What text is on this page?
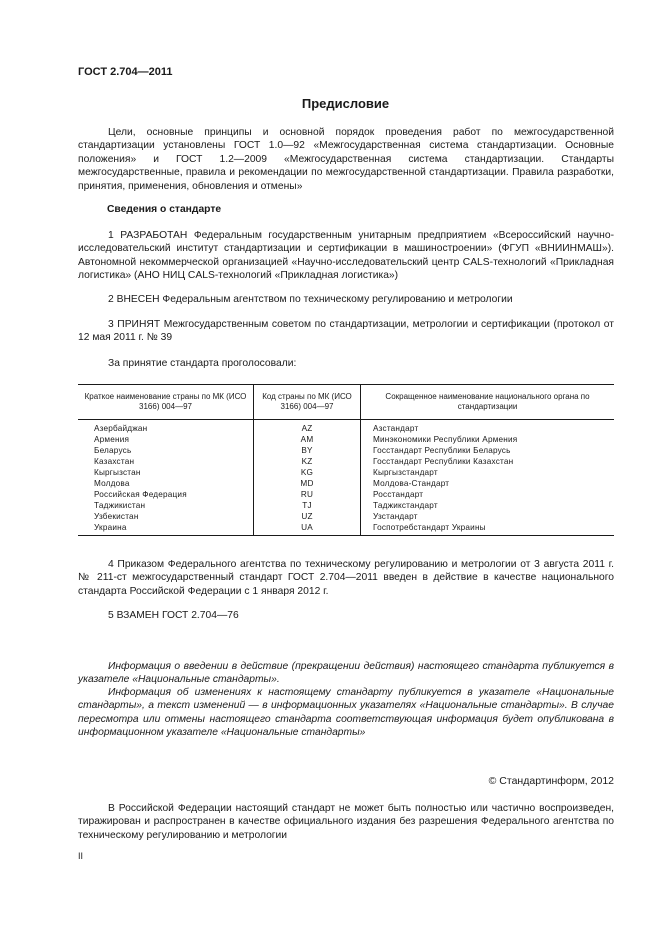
ГОСТ 2.704—2011
Предисловие
Цели, основные принципы и основной порядок проведения работ по межгосударственной стандартизации установлены ГОСТ 1.0—92 «Межгосударственная система стандартизации. Основные положения» и ГОСТ 1.2—2009 «Межгосударственная система стандартизации. Стандарты межгосударственные, правила и рекомендации по межгосударственной стандартизации. Правила разработки, принятия, применения, обновления и отмены»
Сведения о стандарте
1 РАЗРАБОТАН Федеральным государственным унитарным предприятием «Всероссийский научно-исследовательский институт стандартизации и сертификации в машиностроении» (ФГУП «ВНИИНМАШ»). Автономной некоммерческой организацией «Научно-исследовательский центр CALS-технологий «Прикладная логистика» (АНО НИЦ CALS-технологий «Прикладная логистика»)
2 ВНЕСЕН Федеральным агентством по техническому регулированию и метрологии
3 ПРИНЯТ Межгосударственным советом по стандартизации, метрологии и сертификации (протокол от 12 мая 2011 г. № 39
За принятие стандарта проголосовали:
Краткое наименование страны по МК (ИСО 3166) 004—97	Код страны по МК (ИСО 3166) 004—97	Сокращенное наименование национального органа по стандартизации
Азербайджан	AZ	Азстандарт
Армения	AM	Минэкономики Республики Армения
Беларусь	BY	Госстандарт Республики Беларусь
Казахстан	KZ	Госстандарт Республики Казахстан
Кыргызстан	KG	Кыргызстандарт
Молдова	MD	Молдова-Стандарт
Российская Федерация	RU	Росстандарт
Таджикистан	TJ	Таджикстандарт
Узбекистан	UZ	Узстандарт
Украина	UA	Госпотребстандарт Украины
4 Приказом Федерального агентства по техническому регулированию и метрологии от 3 августа 2011 г. № 211-ст межгосударственный стандарт ГОСТ 2.704—2011 введен в действие в качестве национального стандарта Российской Федерации с 1 января 2012 г.
5 ВЗАМЕН ГОСТ 2.704—76
Информация о введении в действие (прекращении действия) настоящего стандарта публикуется в указателе «Национальные стандарты».
Информация об изменениях к настоящему стандарту публикуется в указателе «Национальные стандарты», а текст изменений — в информационных указателях «Национальные стандарты». В случае пересмотра или отмены настоящего стандарта соответствующая информация будет опубликована в информационном указателе «Национальные стандарты»
© Стандартинформ, 2012
В Российской Федерации настоящий стандарт не может быть полностью или частично воспроизведен, тиражирован и распространен в качестве официального издания без разрешения Федерального агентства по техническому регулированию и метрологии
II
